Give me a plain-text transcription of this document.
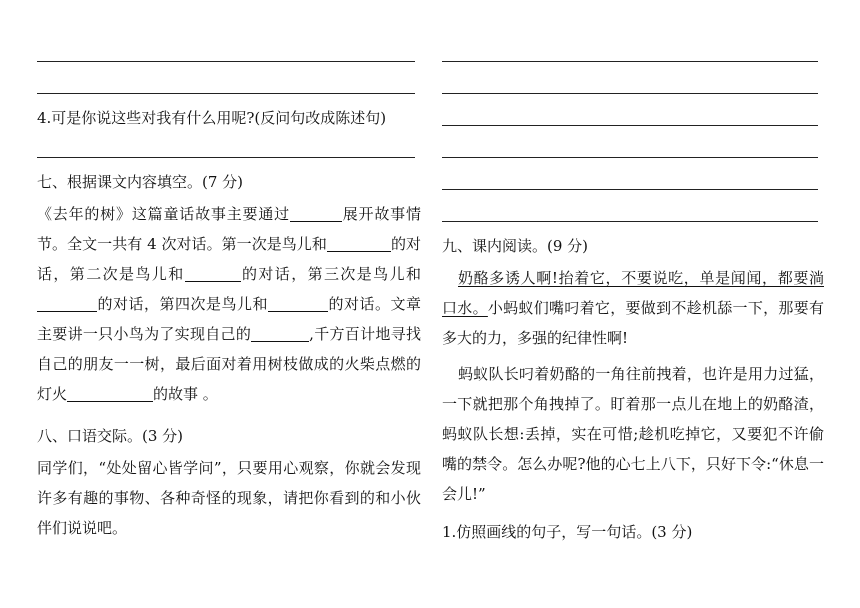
4.可是你说这些对我有什么用呢?(反问句改成陈述句)
七、根据课文内容填空。(7 分)
《去年的树》这篇童话故事主要通过	展开故事情节。全文一共有 4 次对话。第一次是鸟儿和	的对话，第二次是鸟儿和	的对话，第三次是鸟儿和的对话，第四次是鸟儿和	的对话。文章主要讲一只小鸟为了实现自己的	,千方百计地寻找自己的朋友一一树，最后面对着用树枝做成的火柴点燃的灯火	的故事 。
八、口语交际。(3 分)
同学们，“处处留心皆学问”，只要用心观察，你就会发现许多有趣的事物、各种奇怪的现象，请把你看到的和小伙伴们说说吧。
九、课内阅读。(9 分)
奶酪多诱人啊!抬着它，不要说吃，单是闻闻，都要淌口水。小蚂蚁们嘴叼着它，要做到不趁机舔一下，那要有多大的力，多强的纪律性啊!
蚂蚁队长叼着奶酪的一角往前拽着，也许是用力过猛，一下就把那个角拽掉了。盯着那一点儿在地上的奶酪渣，蚂蚁队长想:丢掉，实在可惜;趁机吃掉它，又要犯不许偷嘴的禁令。怎么办呢?他的心七上八下，只好下令:“休息一会儿!”
1.仿照画线的句子，写一句话。(3 分)
